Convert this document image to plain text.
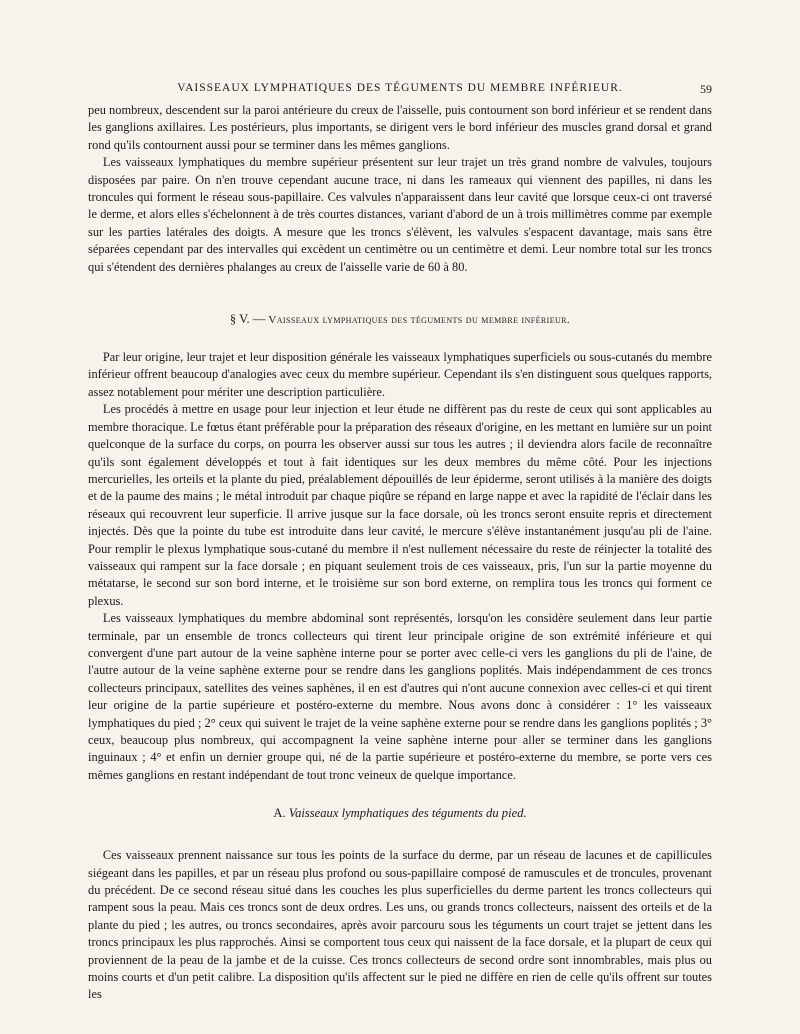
VAISSEAUX LYMPHATIQUES DES TÉGUMENTS DU MEMBRE INFÉRIEUR.	59

peu nombreux, descendent sur la paroi antérieure du creux de l'aisselle, puis contournent son bord inférieur et se rendent dans les ganglions axillaires. Les postérieurs, plus importants, se dirigent vers le bord inférieur des muscles grand dorsal et grand rond qu'ils contournent aussi pour se terminer dans les mêmes ganglions.

Les vaisseaux lymphatiques du membre supérieur présentent sur leur trajet un très grand nombre de valvules, toujours disposées par paire. On n'en trouve cependant aucune trace, ni dans les rameaux qui viennent des papilles, ni dans les troncules qui forment le réseau sous-papillaire. Ces valvules n'apparaissent dans leur cavité que lorsque ceux-ci ont traversé le derme, et alors elles s'échelonnent à de très courtes distances, variant d'abord de un à trois millimètres comme par exemple sur les parties latérales des doigts. A mesure que les troncs s'élèvent, les valvules s'espacent davantage, mais sans être séparées cependant par des intervalles qui excèdent un centimètre ou un centimètre et demi. Leur nombre total sur les troncs qui s'étendent des dernières phalanges au creux de l'aisselle varie de 60 à 80.

§ V. — Vaisseaux lymphatiques des téguments du membre inférieur.

Par leur origine, leur trajet et leur disposition générale les vaisseaux lymphatiques superficiels ou sous-cutanés du membre inférieur offrent beaucoup d'analogies avec ceux du membre supérieur. Cependant ils s'en distinguent sous quelques rapports, assez notablement pour mériter une description particulière.

Les procédés à mettre en usage pour leur injection et leur étude ne diffèrent pas du reste de ceux qui sont applicables au membre thoracique. Le fœtus étant préférable pour la préparation des réseaux d'origine, en les mettant en lumière sur un point quelconque de la surface du corps, on pourra les observer aussi sur tous les autres ; il deviendra alors facile de reconnaître qu'ils sont également développés et tout à fait identiques sur les deux membres du même côté. Pour les injections mercurielles, les orteils et la plante du pied, préalablement dépouillés de leur épiderme, seront utilisés à la manière des doigts et de la paume des mains ; le métal introduit par chaque piqûre se répand en large nappe et avec la rapidité de l'éclair dans les réseaux qui recouvrent leur superficie. Il arrive jusque sur la face dorsale, où les troncs seront ensuite repris et directement injectés. Dès que la pointe du tube est introduite dans leur cavité, le mercure s'élève instantanément jusqu'au pli de l'aine. Pour remplir le plexus lymphatique sous-cutané du membre il n'est nullement nécessaire du reste de réinjecter la totalité des vaisseaux qui rampent sur la face dorsale ; en piquant seulement trois de ces vaisseaux, pris, l'un sur la partie moyenne du métatarse, le second sur son bord interne, et le troisième sur son bord externe, on remplira tous les troncs qui forment ce plexus.

Les vaisseaux lymphatiques du membre abdominal sont représentés, lorsqu'on les considère seulement dans leur partie terminale, par un ensemble de troncs collecteurs qui tirent leur principale origine de son extrémité inférieure et qui convergent d'une part autour de la veine saphène interne pour se porter avec celle-ci vers les ganglions du pli de l'aine, de l'autre autour de la veine saphène externe pour se rendre dans les ganglions poplités. Mais indépendamment de ces troncs collecteurs principaux, satellites des veines saphènes, il en est d'autres qui n'ont aucune connexion avec celles-ci et qui tirent leur origine de la partie supérieure et postéro-externe du membre. Nous avons donc à considérer : 1° les vaisseaux lymphatiques du pied ; 2° ceux qui suivent le trajet de la veine saphène externe pour se rendre dans les ganglions poplités ; 3° ceux, beaucoup plus nombreux, qui accompagnent la veine saphène interne pour aller se terminer dans les ganglions inguinaux ; 4° et enfin un dernier groupe qui, né de la partie supérieure et postéro-externe du membre, se porte vers ces mêmes ganglions en restant indépendant de tout tronc veineux de quelque importance.

A. Vaisseaux lymphatiques des téguments du pied.

Ces vaisseaux prennent naissance sur tous les points de la surface du derme, par un réseau de lacunes et de capillicules siégeant dans les papilles, et par un réseau plus profond ou sous-papillaire composé de ramuscules et de troncules, provenant du précédent. De ce second réseau situé dans les couches les plus superficielles du derme partent les troncs collecteurs qui rampent sous la peau. Mais ces troncs sont de deux ordres. Les uns, ou grands troncs collecteurs, naissent des orteils et de la plante du pied ; les autres, ou troncs secondaires, après avoir parcouru sous les téguments un court trajet se jettent dans les troncs principaux les plus rapprochés. Ainsi se comportent tous ceux qui naissent de la face dorsale, et la plupart de ceux qui proviennent de la peau de la jambe et de la cuisse. Ces troncs collecteurs de second ordre sont innombrables, mais plus ou moins courts et d'un petit calibre. La disposition qu'ils affectent sur le pied ne diffère en rien de celle qu'ils offrent sur toutes les
